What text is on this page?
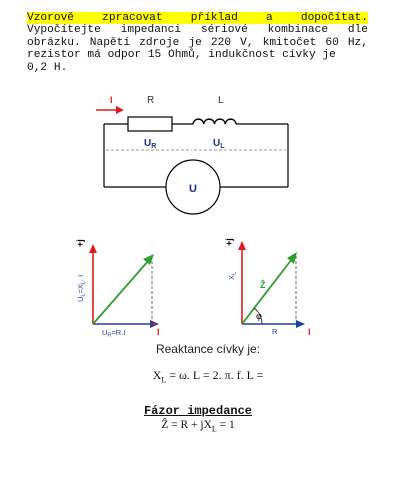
Vzorově zpracovat příklad a dopočítat.
Vypočítejte impedanci sériové kombinace dle obrázku. Napětí zdroje je 220 V, kmitočet 60 Hz, rezistor má odpor 15 Ohmů, indukčnost cívky je
0,2 H.
I	R	L
$U_R$	$U_L$
U
+j
$U_L=X_L$. I
$U_R=R.I$	I
+j
$X_L$
Ẑ
φ
R	I
Reaktance cívky je:
$X_L = \omega$. L = 2. π. f. L =
Fázor impedance
Ẑ = $R + jX_L = 1$
